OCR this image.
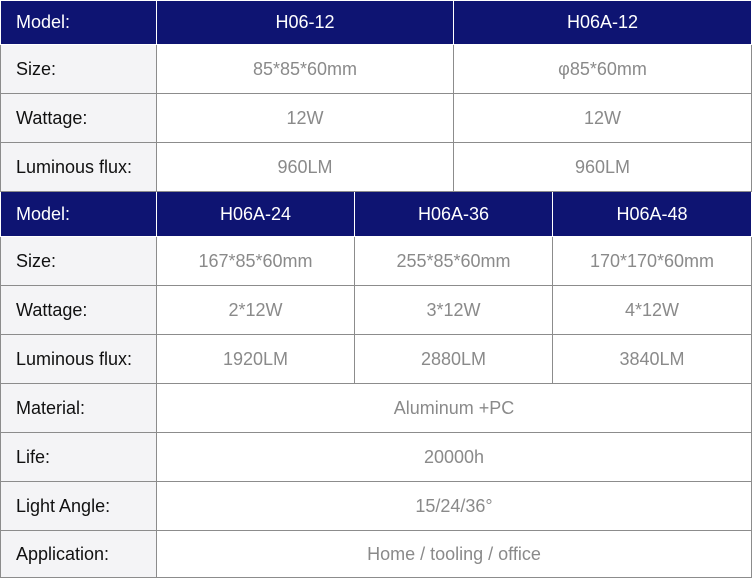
Model:	H06-12	H06A-12
Size:	85*85*60mm	φ85*60mm
Wattage:	12W	12W
Luminous flux:	960LM	960LM
Model:	H06A-24	H06A-36	H06A-48
Size:	167*85*60mm	255*85*60mm	170*170*60mm
Wattage:	2*12W	3*12W	4*12W
Luminous flux:	1920LM	2880LM	3840LM
Material:	Aluminum +PC
Life:	20000h
Light Angle:	15/24/36°
Application:	Home / tooling / office
